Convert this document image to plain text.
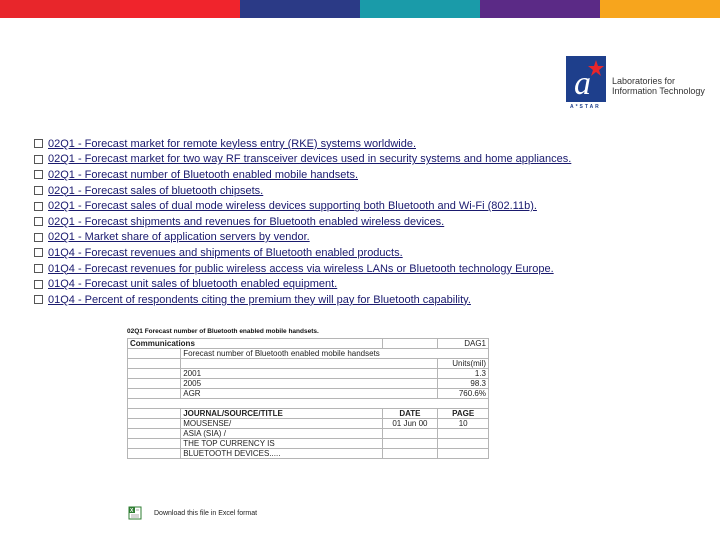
a
A*STAR
Laboratories for
Information Technology
02Q1 - Forecast market for remote keyless entry (RKE) systems worldwide.
02Q1 - Forecast market for two way RF transceiver devices used in security systems and home appliances.
02Q1 - Forecast number of Bluetooth enabled mobile handsets.
02Q1 - Forecast sales of bluetooth chipsets.
02Q1 - Forecast sales of dual mode wireless devices supporting both Bluetooth and Wi-Fi (802.11b).
02Q1 - Forecast shipments and revenues for Bluetooth enabled wireless devices.
02Q1 - Market share of application servers by vendor.
01Q4 - Forecast revenues and shipments of Bluetooth enabled products.
01Q4 - Forecast revenues for public wireless access via wireless LANs or Bluetooth technology Europe.
01Q4 - Forecast unit sales of bluetooth enabled equipment.
01Q4 - Percent of respondents citing the premium they will pay for Bluetooth capability.
02Q1 Forecast number of Bluetooth enabled mobile handsets.
Communications			DAG1
	Forecast number of Bluetooth enabled mobile handsets		
			Units(mil)
	2001		1.3
	2005		98.3
	AGR		760.6%

	JOURNAL/SOURCE/TITLE	DATE	PAGE
	MOUSENSE/	01 Jun 00	10
	ASIA (SIA) /		
	THE TOP CURRENCY IS		
	BLUETOOTH DEVICES.....		
X	Download this file in Excel format
